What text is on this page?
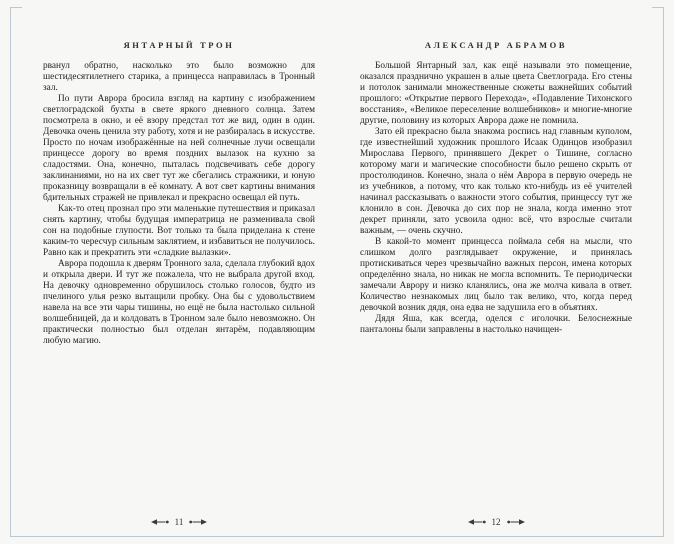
ЯНТАРНЫЙ ТРОН

рванул обратно, насколько это было возможно для шестидесятилетнего старика, а принцесса направилась в Тронный зал.

По пути Аврора бросила взгляд на картину с изображением светлоградской бухты в свете яркого дневного солнца. Затем посмотрела в окно, и её взору предстал тот же вид, один в один. Девочка очень ценила эту работу, хотя и не разбиралась в искусстве. Просто по ночам изображённые на ней солнечные лучи освещали принцессе дорогу во время поздних вылазок на кухню за сладостями. Она, конечно, пыталась подсвечивать себе дорогу заклинаниями, но на их свет тут же сбегались стражники, и юную проказницу возвращали в её комнату. А вот свет картины внимания бдительных стражей не привлекал и прекрасно освещал ей путь.

Как-то отец прознал про эти маленькие путешествия и приказал снять картину, чтобы будущая императрица не разменивала свой сон на подобные глупости. Вот только та была приделана к стене каким-то чересчур сильным заклятием, и избавиться не получилось. Равно как и прекратить эти «сладкие вылазки».

Аврора подошла к дверям Тронного зала, сделала глубокий вдох и открыла двери. И тут же пожалела, что не выбрала другой вход. На девочку одновременно обрушилось столько голосов, будто из пчелиного улья резко вытащили пробку. Она бы с удовольствием навела на все эти чары тишины, но ещё не была настолько сильной волшебницей, да и колдовать в Тронном зале было невозможно. Он практически полностью был отделан янтарём, подавляющим любую магию.

11
АЛЕКСАНДР АБРАМОВ

Большой Янтарный зал, как ещё называли это помещение, оказался празднично украшен в алые цвета Светлограда. Его стены и потолок занимали множественные сюжеты важнейших событий прошлого: «Открытие первого Перехода», «Подавление Тихонского восстания», «Великое переселение волшебников» и многие-многие другие, половину из которых Аврора даже не помнила.

Зато ей прекрасно была знакома роспись над главным куполом, где известнейший художник прошлого Исаак Одинцов изобразил Мирослава Первого, принявшего Декрет о Тишине, согласно которому маги и магические способности было решено скрыть от простолюдинов. Конечно, знала о нём Аврора в первую очередь не из учебников, а потому, что как только кто-нибудь из её учителей начинал рассказывать о важности этого события, принцессу тут же клонило в сон. Девочка до сих пор не знала, когда именно этот декрет приняли, зато усвоила одно: всё, что взрослые считали важным, — очень скучно.

В какой-то момент принцесса поймала себя на мысли, что слишком долго разглядывает окружение, и принялась протискиваться через чрезвычайно важных персон, имена которых определённо знала, но никак не могла вспомнить. Те периодически замечали Аврору и низко кланялись, она же молча кивала в ответ. Количество незнакомых лиц было так велико, что, когда перед девочкой возник дядя, она едва не задушила его в объятиях.

Дядя Яша, как всегда, оделся с иголочки. Белоснежные панталоны были заправлены в настолько начищен-

12
